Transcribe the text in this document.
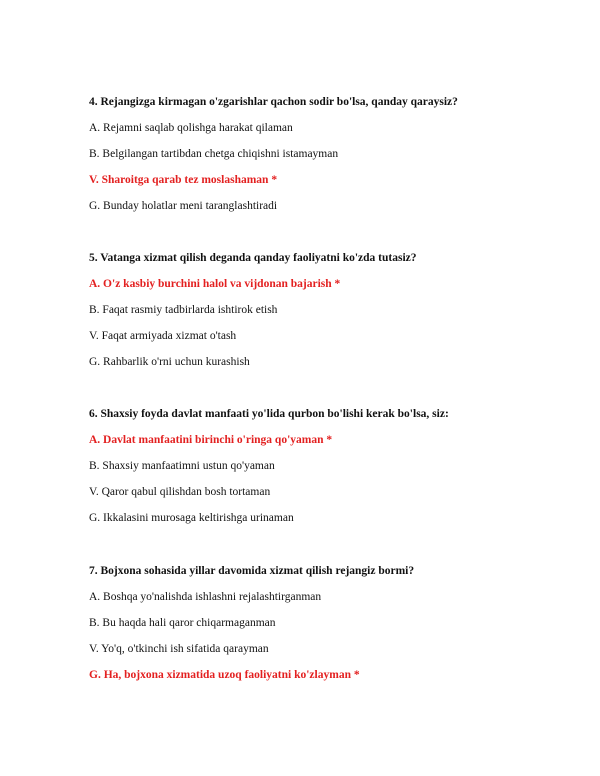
4. Rejangizga kirmagan o'zgarishlar qachon sodir bo'lsa, qanday qaraysiz?
A. Rejamni saqlab qolishga harakat qilaman
B. Belgilangan tartibdan chetga chiqishni istamayman
V. Sharoitga qarab tez moslashaman *
G. Bunday holatlar meni taranglashtiradi
5. Vatanga xizmat qilish deganda qanday faoliyatni ko'zda tutasiz?
A. O'z kasbiy burchini halol va vijdonan bajarish *
B. Faqat rasmiy tadbirlarda ishtirok etish
V. Faqat armiyada xizmat o'tash
G. Rahbarlik o'rni uchun kurashish
6. Shaxsiy foyda davlat manfaati yo'lida qurbon bo'lishi kerak bo'lsa, siz:
A. Davlat manfaatini birinchi o'ringa qo'yaman *
B. Shaxsiy manfaatimni ustun qo'yaman
V. Qaror qabul qilishdan bosh tortaman
G. Ikkalasini murosaga keltirishga urinaman
7. Bojxona sohasida yillar davomida xizmat qilish rejangiz bormi?
A. Boshqa yo'nalishda ishlashni rejalashtirganman
B. Bu haqda hali qaror chiqarmaganman
V. Yo'q, o'tkinchi ish sifatida qarayman
G. Ha, bojxona xizmatida uzoq faoliyatni ko'zlayman *
